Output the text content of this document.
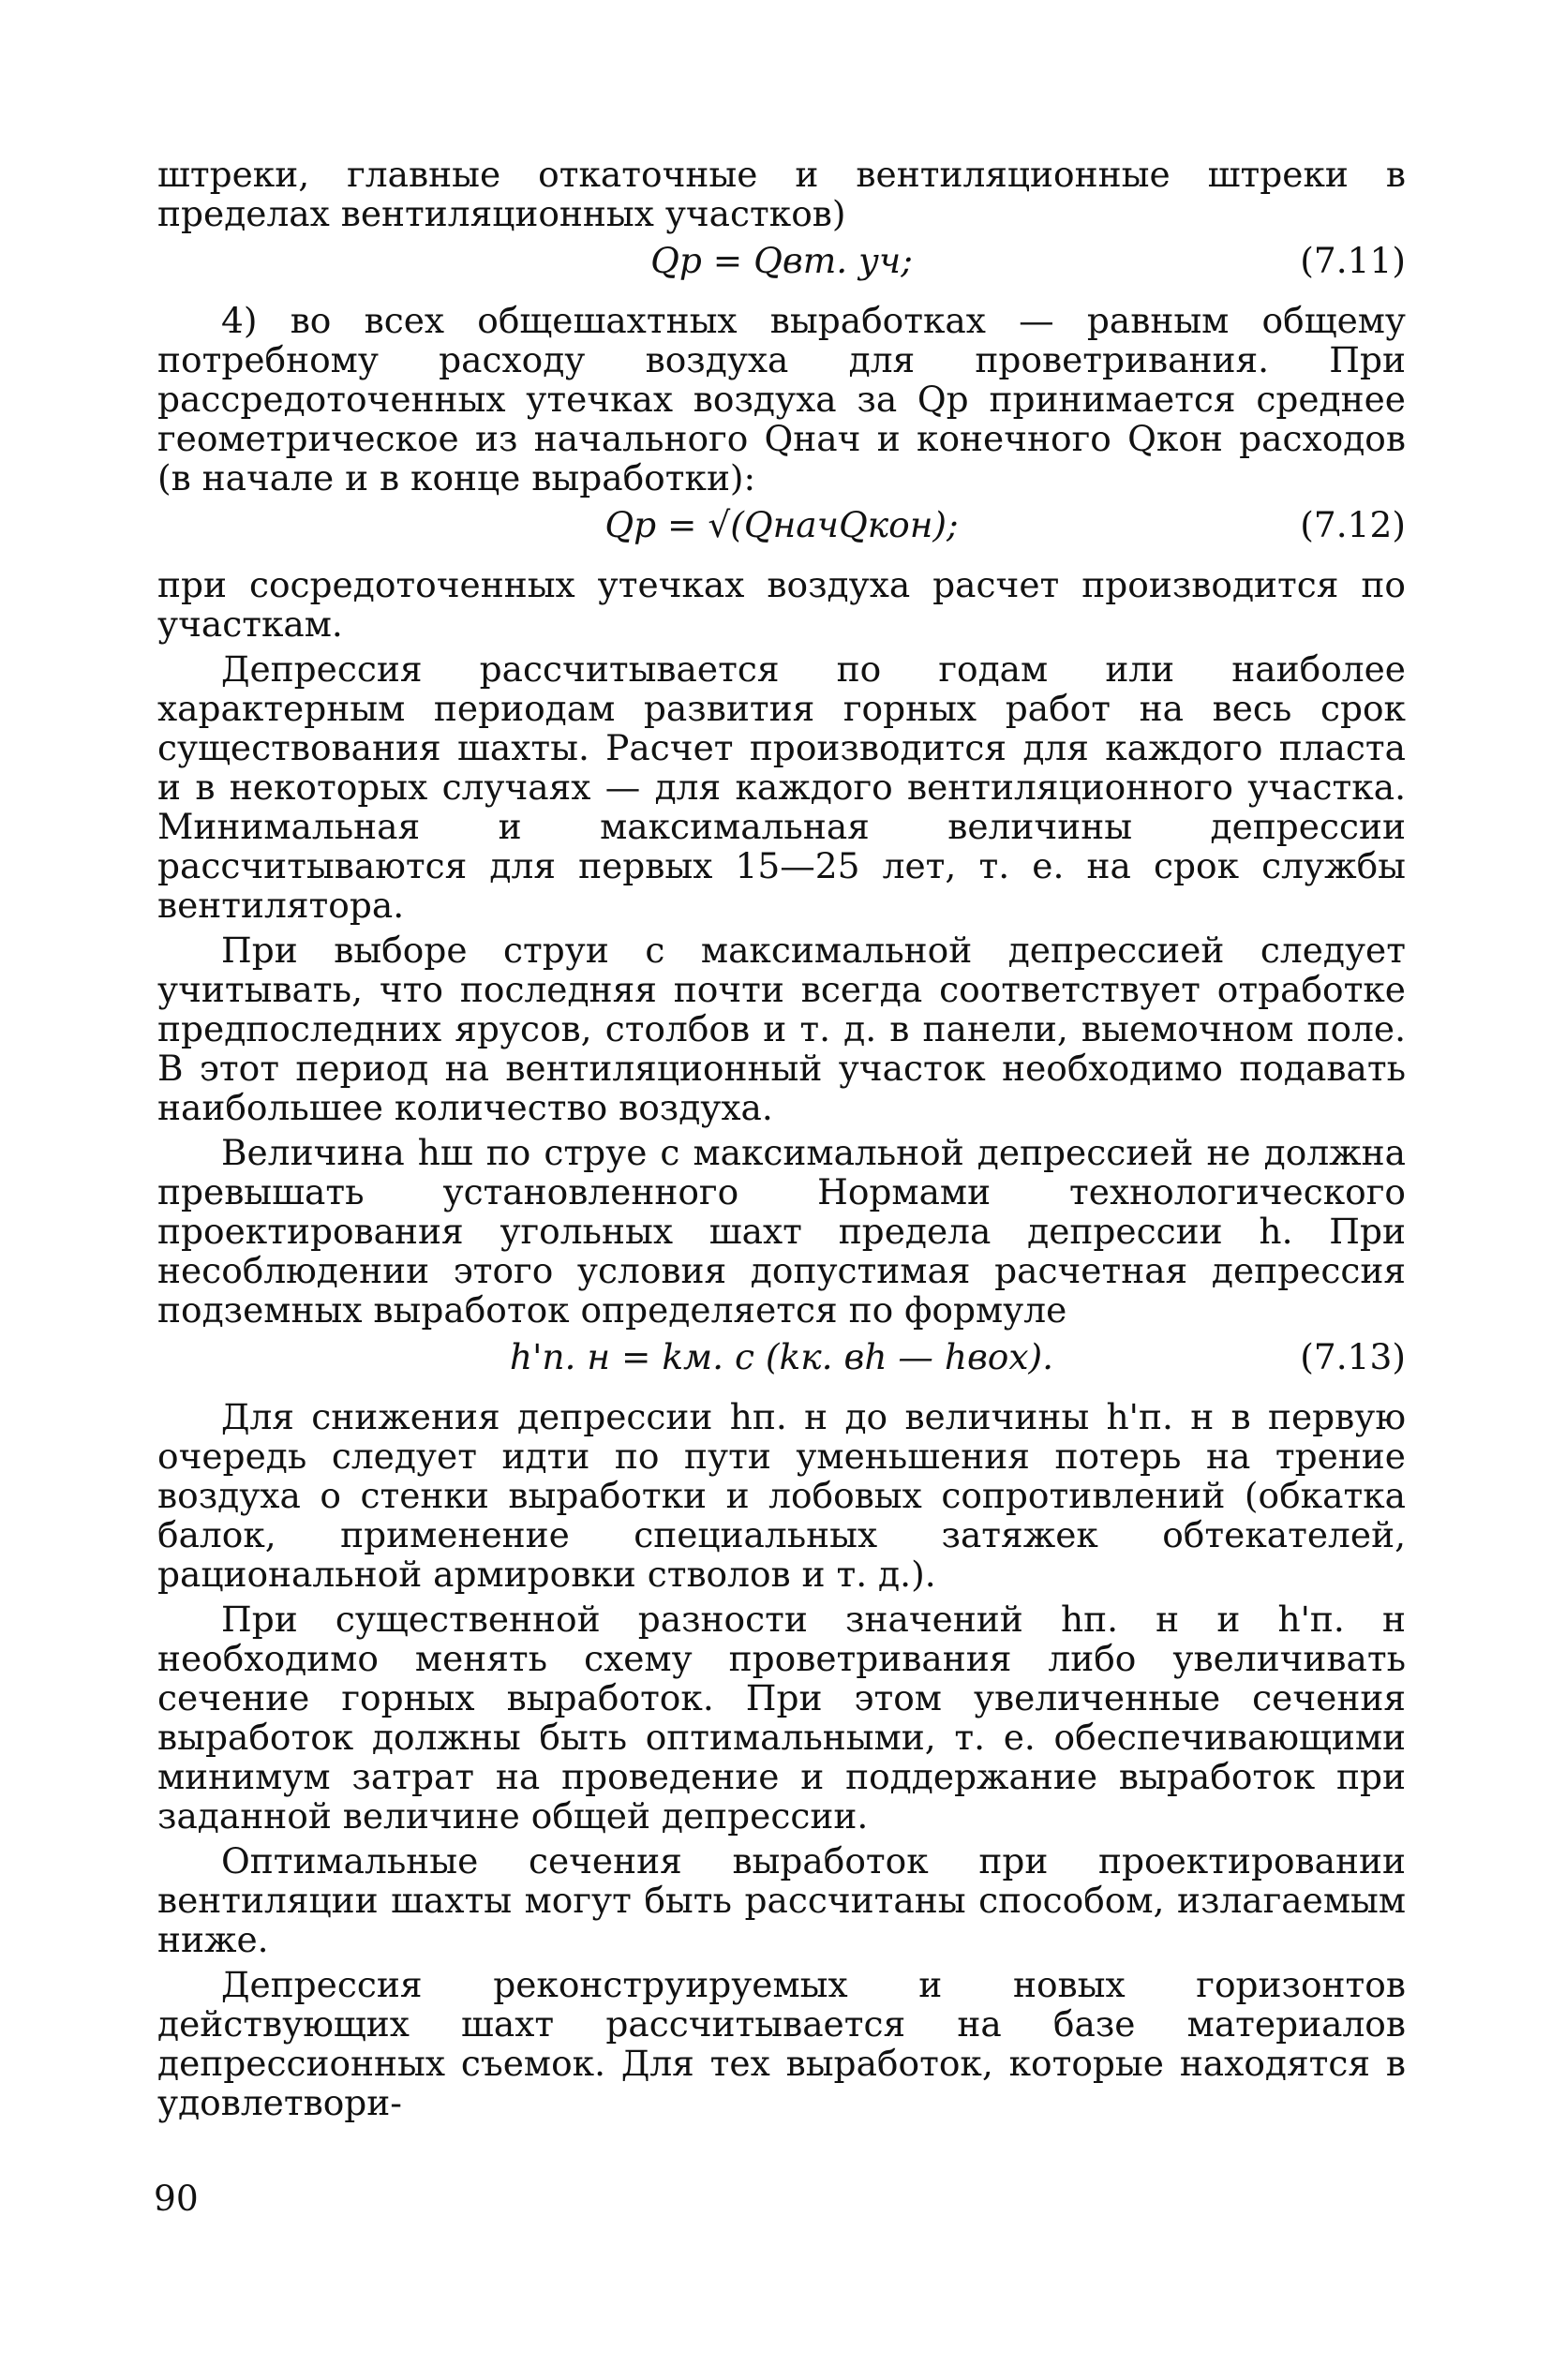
штреки, главные откаточные и вентиляционные штреки в пределах вентиляционных участков)

Qр = Qвт. уч;	(7.11)

4) во всех общешахтных выработках — равным общему потребному расходу воздуха для проветривания. При рассредоточенных утечках воздуха за Qр принимается среднее геометрическое из начального Qнач и конечного Qкон расходов (в начале и в конце выработки):

Qр = √(QначQкон);	(7.12)

при сосредоточенных утечках воздуха расчет производится по участкам.

Депрессия рассчитывается по годам или наиболее характерным периодам развития горных работ на весь срок существования шахты. Расчет производится для каждого пласта и в некоторых случаях — для каждого вентиляционного участка. Минимальная и максимальная величины депрессии рассчитываются для первых 15—25 лет, т. е. на срок службы вентилятора.

При выборе струи с максимальной депрессией следует учитывать, что последняя почти всегда соответствует отработке предпоследних ярусов, столбов и т. д. в панели, выемочном поле. В этот период на вентиляционный участок необходимо подавать наибольшее количество воздуха.

Величина hш по струе с максимальной депрессией не должна превышать установленного Нормами технологического проектирования угольных шахт предела депрессии h. При несоблюдении этого условия допустимая расчетная депрессия подземных выработок определяется по формуле

h'п. н = kм. с (kк. вh — hвох).	(7.13)

Для снижения депрессии hп. н до величины h'п. н в первую очередь следует идти по пути уменьшения потерь на трение воздуха о стенки выработки и лобовых сопротивлений (обкатка балок, применение специальных затяжек обтекателей, рациональной армировки стволов и т. д.).

При существенной разности значений hп. н и h'п. н необходимо менять схему проветривания либо увеличивать сечение горных выработок. При этом увеличенные сечения выработок должны быть оптимальными, т. е. обеспечивающими минимум затрат на проведение и поддержание выработок при заданной величине общей депрессии.

Оптимальные сечения выработок при проектировании вентиляции шахты могут быть рассчитаны способом, излагаемым ниже.

Депрессия реконструируемых и новых горизонтов действующих шахт рассчитывается на базе материалов депрессионных съемок. Для тех выработок, которые находятся в удовлетвори-

90
